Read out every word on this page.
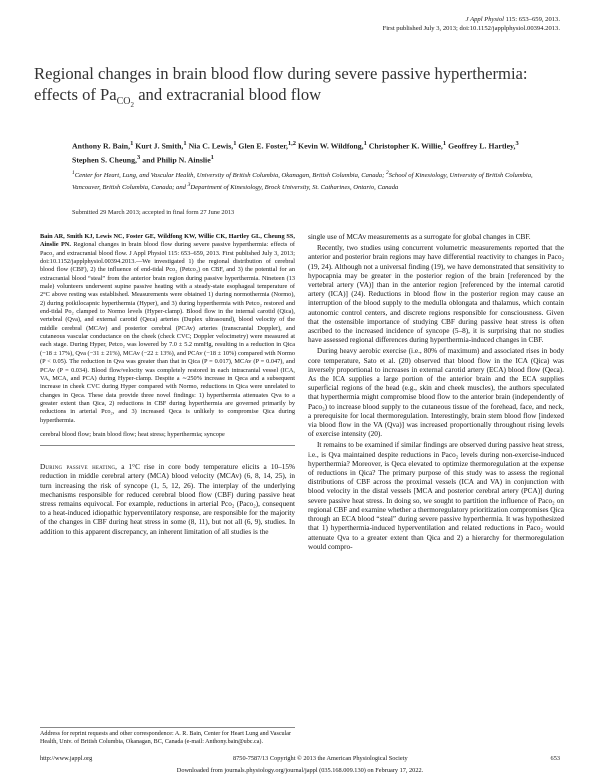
J Appl Physiol 115: 653–659, 2013.
First published July 3, 2013; doi:10.1152/japplphysiol.00394.2013.
Regional changes in brain blood flow during severe passive hyperthermia:
effects of $Pa_{CO_2}$ and extracranial blood flow
Anthony R. Bain,$^1$ Kurt J. Smith,$^1$ Nia C. Lewis,$^1$ Glen E. Foster,$^{1,2}$ Kevin W. Wildfong,$^1$ Christopher K. Willie,$^1$ Geoffrey L. Hartley,$^3$ Stephen S. Cheung,$^3$ and Philip N. Ainslie$^1$
$^1$Center for Heart, Lung, and Vascular Health, University of British Columbia, Okanagan, British Columbia, Canada; $^2$School of Kinesiology, University of British Columbia, Vancouver, British Columbia, Canada; and $^3$Department of Kinesiology, Brock University, St. Catharines, Ontario, Canada
Submitted 29 March 2013; accepted in final form 27 June 2013

Bain AR, Smith KJ, Lewis NC, Foster GE, Wildfong KW, Willie CK, Hartley GL, Cheung SS, Ainslie PN. Regional changes in brain blood flow during severe passive hyperthermia: effects of Paco₂ and extracranial blood flow. J Appl Physiol 115: 653–659, 2013. First published July 3, 2013; doi:10.1152/japplphysiol.00394.2013.—We investigated 1) the regional distribution of cerebral blood flow (CBF), 2) the influence of end-tidal Pco₂ (Petco₂) on CBF, and 3) the potential for an extracranial blood “steal” from the anterior brain region during passive hyperthermia. Nineteen (13 male) volunteers underwent supine passive heating with a steady-state esophageal temperature of 2°C above resting was established. Measurements were obtained 1) during normothermia (Normo), 2) during poikilocapnic hyperthermia (Hyper), and 3) during hyperthermia with Petco₂ restored and end-tidal Po₂ clamped to Normo levels (Hyper-clamp). Blood flow in the internal carotid (Qica), vertebral (Qva), and external carotid (Qeca) arteries (Duplex ultrasound), blood velocity of the middle cerebral (MCAv) and posterior cerebral (PCAv) arteries (transcranial Doppler), and cutaneous vascular conductance on the cheek (check CVC; Doppler velocimetry) were measured at each stage. During Hyper, Petco₂ was lowered by 7.0 ± 5.2 mmHg, resulting in a reduction in Qica (−18 ± 17%), Qva (−31 ± 21%), MCAv (−22 ± 13%), and PCAv (−18 ± 10%) compared with Normo (P < 0.05). The reduction in Qva was greater than that in Qica (P = 0.017), MCAv (P = 0.047), and PCAv (P = 0.034). Blood flow/velocity was completely restored in each intracranial vessel (ICA, VA, MCA, and PCA) during Hyper-clamp. Despite a ∼250% increase in Qeca and a subsequent increase in cheek CVC during Hyper compared with Normo, reductions in Qica were unrelated to changes in Qeca. These data provide three novel findings: 1) hyperthermia attenuates Qva to a greater extent than Qica, 2) reductions in CBF during hyperthermia are governed primarily by reductions in arterial Pco₂, and 3) increased Qeca is unlikely to compromise Qica during hyperthermia.

cerebral blood flow; brain blood flow; heat stress; hyperthermia; syncope

During passive heating, a 1°C rise in core body temperature elicits a 10–15% reduction in middle cerebral artery (MCA) blood velocity (MCAv) (6, 8, 14, 25), in turn increasing the risk of syncope (1, 5, 12, 26). The interplay of the underlying mechanisms responsible for reduced cerebral blood flow (CBF) during passive heat stress remains equivocal. For example, reductions in arterial Pco₂ (Paco₂), consequent to a heat-induced idiopathic hyperventilatory response, are responsible for the majority of the changes in CBF during heat stress in some (8, 11), but not all (6, 9), studies. In addition to this apparent discrepancy, an inherent limitation of all studies is the

single use of MCAv measurements as a surrogate for global changes in CBF.

Recently, two studies using concurrent volumetric measurements reported that the anterior and posterior brain regions may have differential reactivity to changes in Paco₂ (19, 24). Although not a universal finding (19), we have demonstrated that sensitivity to hypocapnia may be greater in the posterior region of the brain [referenced by the vertebral artery (VA)] than in the anterior region [referenced by the internal carotid artery (ICA)] (24). Reductions in blood flow in the posterior region may cause an interruption of the blood supply to the medulla oblongata and thalamus, which contain autonomic control centers, and discrete regions responsible for consciousness. Given that the ostensible importance of studying CBF during passive heat stress is often ascribed to the increased incidence of syncope (5–8), it is surprising that no studies have assessed regional differences during hyperthermia-induced changes in CBF.

During heavy aerobic exercise (i.e., 80% of maximum) and associated rises in body core temperature, Sato et al. (20) observed that blood flow in the ICA (Qica) was inversely proportional to increases in external carotid artery (ECA) blood flow (Qeca). As the ICA supplies a large portion of the anterior brain and the ECA supplies superficial regions of the head (e.g., skin and cheek muscles), the authors speculated that hyperthermia might compromise blood flow to the anterior brain (independently of Paco₂) to increase blood supply to the cutaneous tissue of the forehead, face, and neck, a prerequisite for local thermoregulation. Interestingly, brain stem blood flow [indexed via blood flow in the VA (Qva)] was increased proportionally throughout rising levels of exercise intensity (20).

It remains to be examined if similar findings are observed during passive heat stress, i.e., is Qva maintained despite reductions in Paco₂ levels during non-exercise-induced hyperthermia? Moreover, is Qeca elevated to optimize thermoregulation at the expense of reductions in Qica? The primary purpose of this study was to assess the regional distributions of CBF across the proximal vessels (ICA and VA) in conjunction with blood velocity in the distal vessels [MCA and posterior cerebral artery (PCA)] during severe passive heat stress. In doing so, we sought to partition the influence of Paco₂ on regional CBF and examine whether a thermoregulatory prioritization compromises Qica through an ECA blood “steal” during severe passive hyperthermia. It was hypothesized that 1) hyperthermia-induced hyperventilation and related reductions in Paco₂ would attenuate Qva to a greater extent than Qica and 2) a hierarchy for thermoregulation would compro-

Address for reprint requests and other correspondence: A. R. Bain, Center for Heart Lung and Vascular Health, Univ. of British Columbia, Okanagan, BC, Canada (e-mail: Anthony.bain@ubc.ca).
http://www.jappl.org	8750-7587/13 Copyright © 2013 the American Physiological Society	653
Downloaded from journals.physiology.org/journal/jappl (035.168.009.130) on February 17, 2022.
